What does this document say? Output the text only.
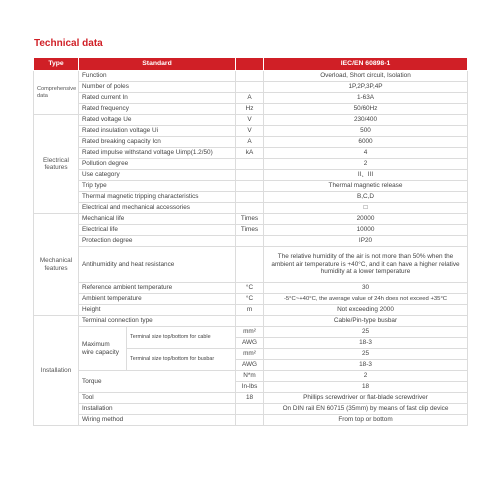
Technical data
Type	Standard			IEC/EN 60898-1
Comprehensive data	Function			Overload, Short circuit, Isolation
	Number of poles			1P,2P,3P,4P
	Rated current In		A	1-63A
	Rated frequency		Hz	50/60Hz
Electrical features	Rated voltage Ue		V	230/400
	Rated insulation voltage Ui		V	500
	Rated breaking capacity Icn		A	6000
	Rated impulse withstand voltage Uimp(1.2/50)		kA	4
	Pollution degree			2
	Use category			II、III
	Trip type			Thermal magnetic release
	Thermal magnetic tripping characteristics			B,C,D
	Electrical and mechanical accessories			□
Mechanical features	Mechanical life		Times	20000
	Electrical life		Times	10000
	Protection degree			IP20
	Antihumidity and heat resistance			The relative humidity of the air is not more than 50% when the ambient air temperature is +40°C, and it can have a higher relative humidity at a lower temperature
	Reference ambient temperature		°C	30
	Ambient temperature		°C	-5°C~+40°C, the average value of 24h does not exceed +35°C
	Height		m	Not exceeding 2000
Installation	Terminal connection type			Cable/Pin-type busbar
	Maximum wire capacity	Terminal size top/bottom for cable	mm²	25
			AWG	18-3
		Terminal size top/bottom for busbar	mm²	25
			AWG	18-3
	Torque		N*m	2
			In-lbs	18
	Tool		18	Phillips screwdriver or flat-blade screwdriver
	Installation			On DIN rail EN 60715 (35mm) by means of fast clip device
	Wiring method			From top or bottom
